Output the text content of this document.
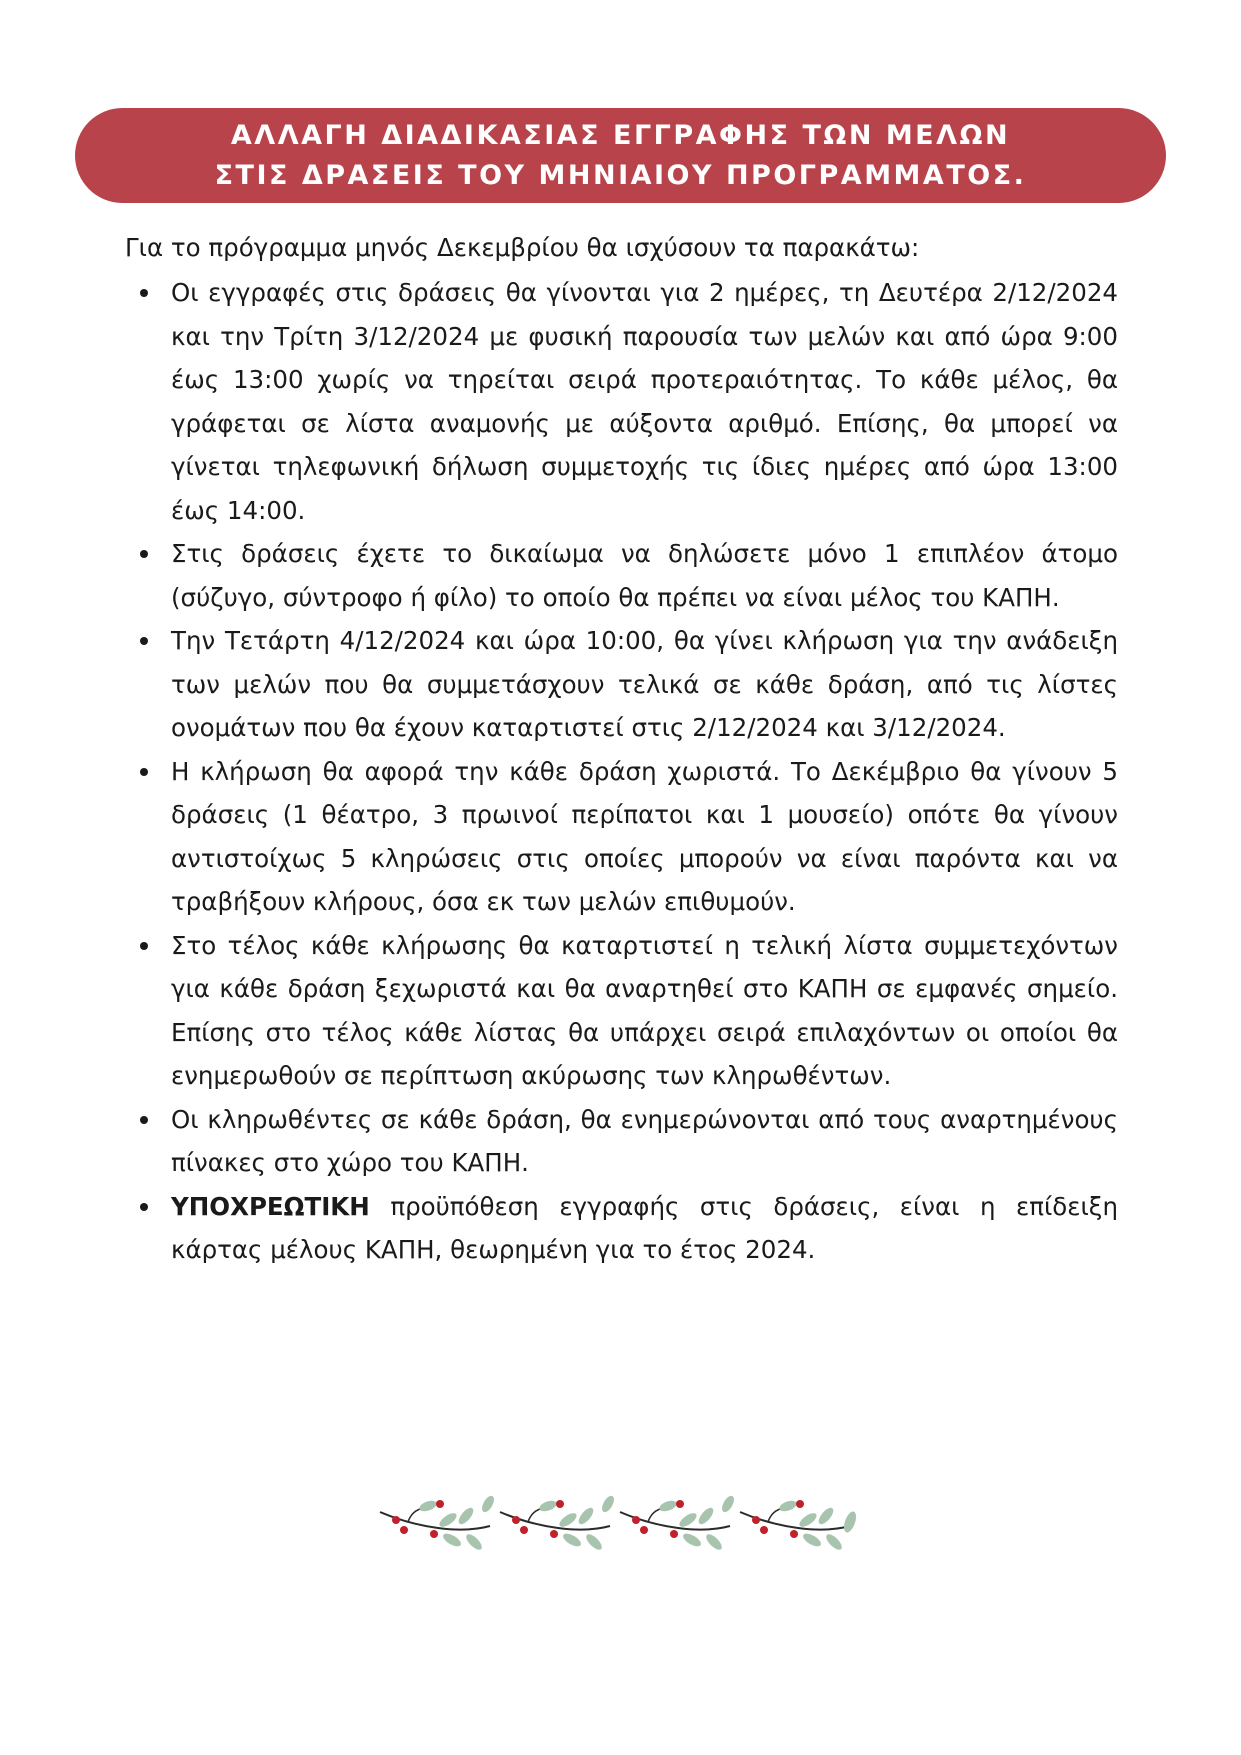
ΑΛΛΑΓΗ ΔΙΑΔΙΚΑΣΙΑΣ ΕΓΓΡΑΦΗΣ ΤΩΝ ΜΕΛΩΝ
ΣΤΙΣ ΔΡΑΣΕΙΣ ΤΟΥ ΜΗΝΙΑΙΟΥ ΠΡΟΓΡΑΜΜΑΤΟΣ.
Για το πρόγραμμα μηνός Δεκεμβρίου θα ισχύσουν τα παρακάτω:
Οι εγγραφές στις δράσεις θα γίνονται για 2 ημέρες, τη Δευτέρα 2/12/2024 και την Τρίτη 3/12/2024 με φυσική παρουσία των μελών και από ώρα 9:00 έως 13:00 χωρίς να τηρείται σειρά προτεραιότητας. Το κάθε μέλος, θα γράφεται σε λίστα αναμονής με αύξοντα αριθμό. Επίσης, θα μπορεί να γίνεται τηλεφωνική δήλωση συμμετοχής τις ίδιες ημέρες από ώρα 13:00 έως 14:00.
Στις δράσεις έχετε το δικαίωμα να δηλώσετε μόνο 1 επιπλέον άτομο (σύζυγο, σύντροφο ή φίλο) το οποίο θα πρέπει να είναι μέλος του ΚΑΠΗ.
Την Τετάρτη 4/12/2024 και ώρα 10:00, θα γίνει κλήρωση για την ανάδειξη των μελών που θα συμμετάσχουν τελικά σε κάθε δράση, από τις λίστες ονομάτων που θα έχουν καταρτιστεί στις 2/12/2024 και 3/12/2024.
Η κλήρωση θα αφορά την κάθε δράση χωριστά. Το Δεκέμβριο θα γίνουν 5 δράσεις (1 θέατρο, 3 πρωινοί περίπατοι και 1 μουσείο) οπότε θα γίνουν αντιστοίχως 5 κληρώσεις στις οποίες μπορούν να είναι παρόντα και να τραβήξουν κλήρους, όσα εκ των μελών επιθυμούν.
Στο τέλος κάθε κλήρωσης θα καταρτιστεί η τελική λίστα συμμετεχόντων για κάθε δράση ξεχωριστά και θα αναρτηθεί στο ΚΑΠΗ σε εμφανές σημείο. Επίσης στο τέλος κάθε λίστας θα υπάρχει σειρά επιλαχόντων οι οποίοι θα ενημερωθούν σε περίπτωση ακύρωσης των κληρωθέντων.
Οι κληρωθέντες σε κάθε δράση, θα ενημερώνονται από τους αναρτημένους πίνακες στο χώρο του ΚΑΠΗ.
ΥΠΟΧΡΕΩΤΙΚΗ προϋπόθεση εγγραφής στις δράσεις, είναι η επίδειξη κάρτας μέλους ΚΑΠΗ, θεωρημένη για το έτος 2024.
